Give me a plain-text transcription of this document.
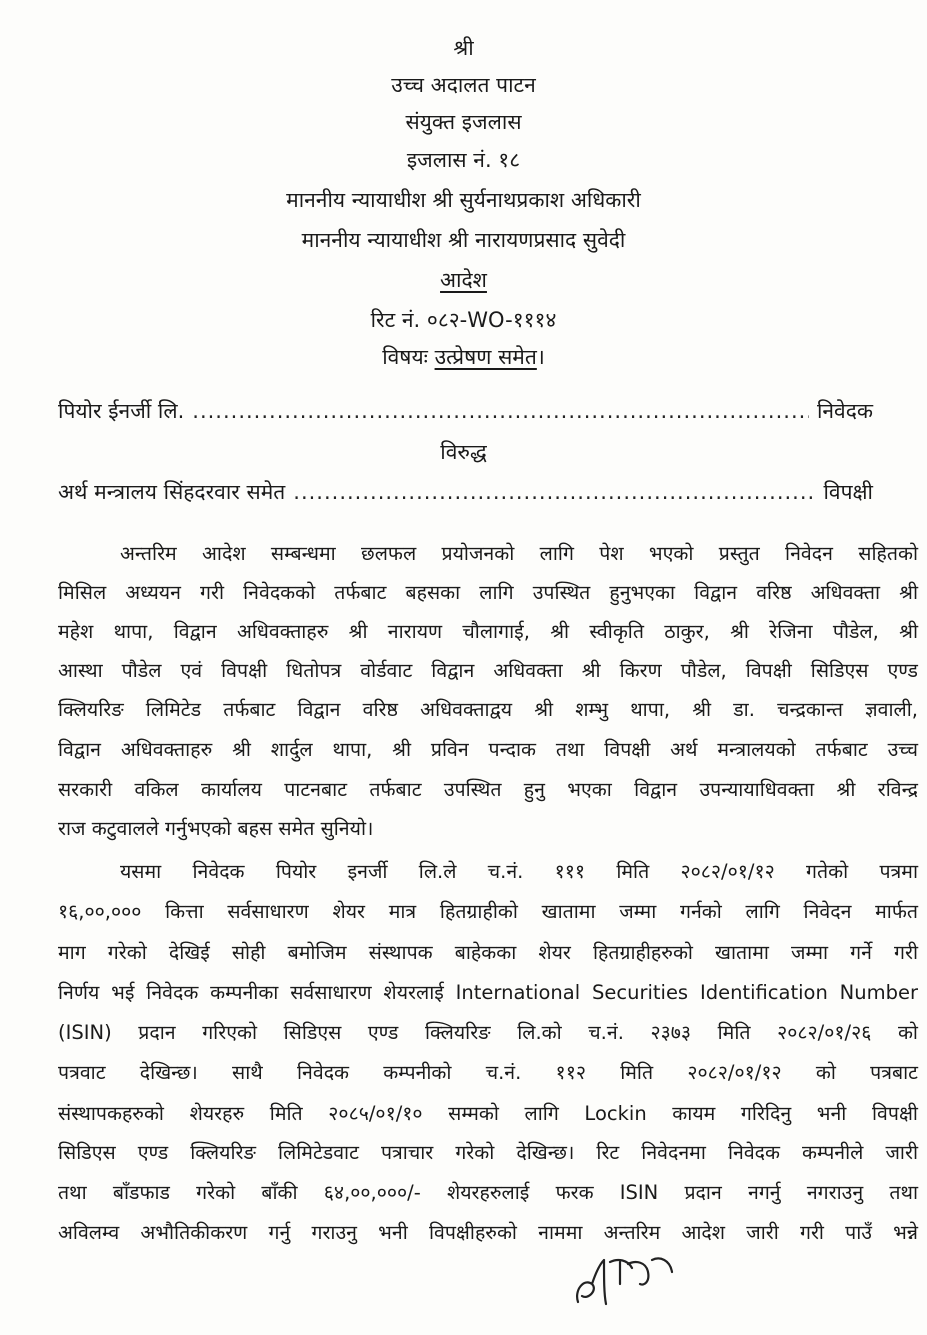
श्री
उच्च अदालत पाटन
संयुक्त इजलास
इजलास नं. १८
माननीय न्यायाधीश श्री सुर्यनाथप्रकाश अधिकारी
माननीय न्यायाधीश श्री नारायणप्रसाद सुवेदी
आदेश
रिट नं. ०८२-WO-१११४
विषयः उत्प्रेषण समेत।
पियोर ईनर्जी लि. .....	निवेदक
विरुद्ध
अर्थ मन्त्रालय सिंहदरवार समेत .....	विपक्षी
अन्तरिम आदेश सम्बन्धमा छलफल प्रयोजनको लागि पेश भएको प्रस्तुत निवेदन सहितको
मिसिल अध्ययन गरी निवेदकको तर्फबाट बहसका लागि उपस्थित हुनुभएका विद्वान वरिष्ठ अधिवक्ता श्री
महेश थापा, विद्वान अधिवक्ताहरु श्री नारायण चौलागाई, श्री स्वीकृति ठाकुर, श्री रेजिना पौडेल, श्री
आस्था पौडेल एवं विपक्षी धितोपत्र वोर्डवाट विद्वान अधिवक्ता श्री किरण पौडेल, विपक्षी सिडिएस एण्ड
क्लियरिङ लिमिटेड तर्फबाट विद्वान वरिष्ठ अधिवक्ताद्वय श्री शम्भु थापा, श्री डा. चन्द्रकान्त ज्ञवाली,
विद्वान अधिवक्ताहरु श्री शार्दुल थापा, श्री प्रविन पन्दाक तथा विपक्षी अर्थ मन्त्रालयको तर्फबाट उच्च
सरकारी वकिल कार्यालय पाटनबाट तर्फबाट उपस्थित हुनु भएका विद्वान उपन्यायाधिवक्ता श्री रविन्द्र
राज कटुवालले गर्नुभएको बहस समेत सुनियो।
यसमा निवेदक पियोर इनर्जी लि.ले च.नं. १११ मिति २०८२/०१/१२ गतेको पत्रमा
१६,००,००० कित्ता सर्वसाधारण शेयर मात्र हितग्राहीको खातामा जम्मा गर्नको लागि निवेदन मार्फत
माग गरेको देखिई सोही बमोजिम संस्थापक बाहेकका शेयर हितग्राहीहरुको खातामा जम्मा गर्ने गरी
निर्णय भई निवेदक कम्पनीका सर्वसाधारण शेयरलाई International Securities Identification Number
(ISIN) प्रदान गरिएको सिडिएस एण्ड क्लियरिङ लि.को च.नं. २३७३ मिति २०८२/०१/२६ को
पत्रवाट देखिन्छ। साथै निवेदक कम्पनीको च.नं. ११२ मिति २०८२/०१/१२ को पत्रबाट
संस्थापकहरुको शेयरहरु मिति २०८५/०१/१० सम्मको लागि Lockin कायम गरिदिनु भनी विपक्षी
सिडिएस एण्ड क्लियरिङ लिमिटेडवाट पत्राचार गरेको देखिन्छ। रिट निवेदनमा निवेदक कम्पनीले जारी
तथा बाँडफाड गरेको बाँकी ६४,००,०००/- शेयरहरुलाई फरक ISIN प्रदान नगर्नु नगराउनु तथा
अविलम्व अभौतिकीकरण गर्नु गराउनु भनी विपक्षीहरुको नाममा अन्तरिम आदेश जारी गरी पाउँ भन्ने
